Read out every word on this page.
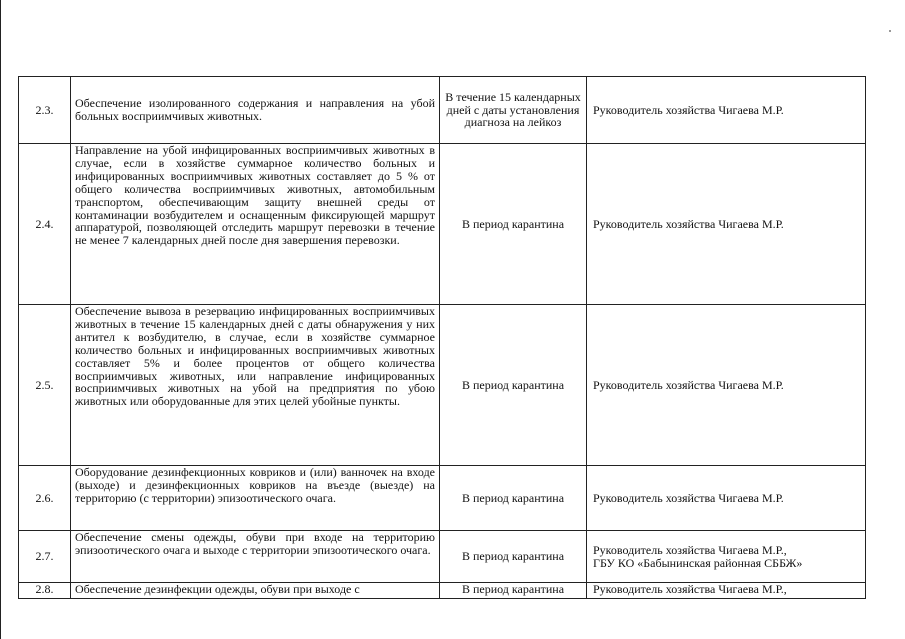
2.3.	Обеспечение изолированного содержания и направления на убой больных восприимчивых животных.	В течение 15 календарных дней с даты установления диагноза на лейкоз	Руководитель хозяйства Чигаева М.Р.

2.4.	Направление на убой инфицированных восприимчивых животных в случае, если в хозяйстве суммарное количество больных и инфицированных восприимчивых животных составляет до 5 % от общего количества восприимчивых животных, автомобильным транспортом, обеспечивающим защиту внешней среды от контаминации возбудителем и оснащенным фиксирующей маршрут аппаратурой, позволяющей отследить маршрут перевозки в течение не менее 7 календарных дней после дня завершения перевозки.	В период карантина	Руководитель хозяйства Чигаева М.Р.

2.5.	Обеспечение вывоза в резервацию инфицированных восприимчивых животных в течение 15 календарных дней с даты обнаружения у них антител к возбудителю, в случае, если в хозяйстве суммарное количество больных и инфицированных восприимчивых животных составляет 5% и более процентов от общего количества восприимчивых животных, или направление инфицированных восприимчивых животных на убой на предприятия по убою животных или оборудованные для этих целей убойные пункты.	В период карантина	Руководитель хозяйства Чигаева М.Р.

2.6.	Оборудование дезинфекционных ковриков и (или) ванночек на входе (выходе) и дезинфекционных ковриков на въезде (выезде) на территорию (с территории) эпизоотического очага.	В период карантина	Руководитель хозяйства Чигаева М.Р.

2.7.	Обеспечение смены одежды, обуви при входе на территорию эпизоотического очага и выходе с территории эпизоотического очага.	В период карантина	Руководитель хозяйства Чигаева М.Р.,
ГБУ КО «Бабынинская районная СББЖ»

2.8.	Обеспечение дезинфекции одежды, обуви при выходе с	В период карантина	Руководитель хозяйства Чигаева М.Р.,
